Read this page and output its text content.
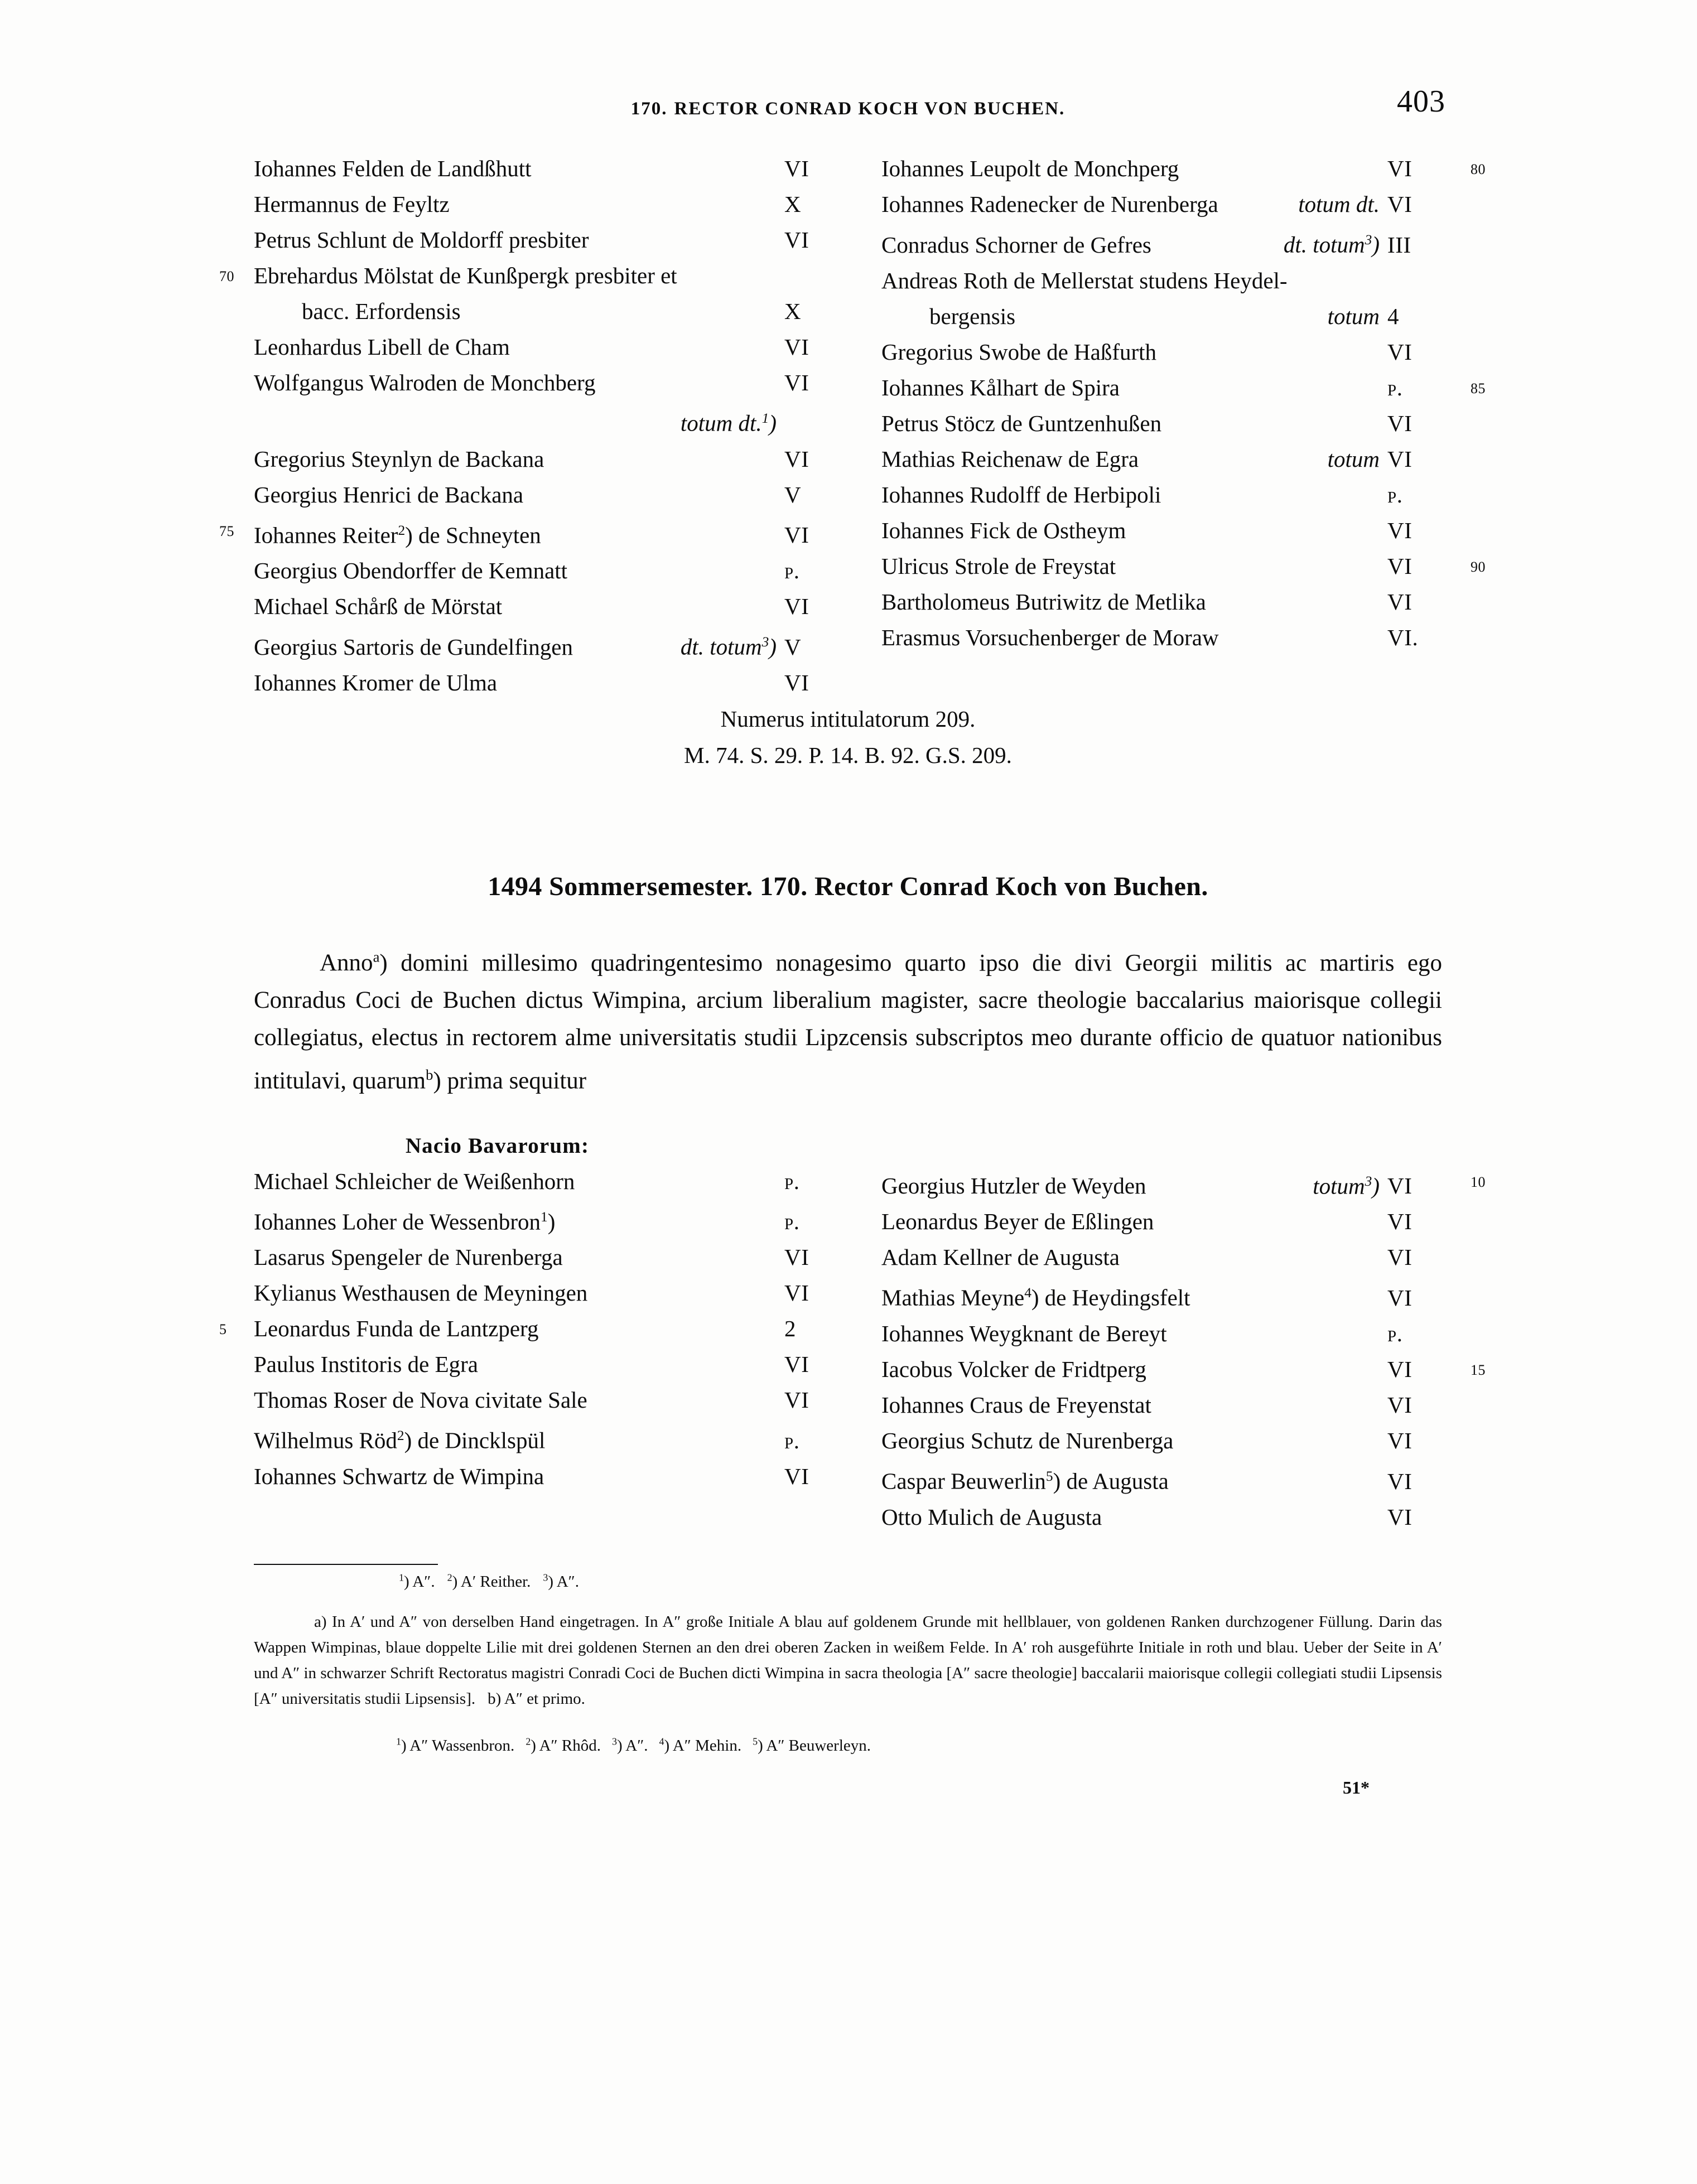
170. RECTOR CONRAD KOCH VON BUCHEN.	403
Iohannes Felden de Landßhutt	VI
Hermannus de Feyltz	X
Petrus Schlunt de Moldorff presbiter	VI
70 Ebrehardus Mölstat de Kunßpergk presbiter et
bacc. Erfordensis	X
Leonhardus Libell de Cham	VI
Wolfgangus Walroden de Monchberg	VI
totum dt.$^1$)
Gregorius Steynlyn de Backana	VI
Georgius Henrici de Backana	V
75 Iohannes Reiter$^2$) de Schneyten	VI
Georgius Obendorffer de Kemnatt	p.
Michael Schårß de Mörstat	VI
Georgius Sartoris de Gundelfingen	dt. totum$^3$) V
Iohannes Kromer de Ulma	VI
80
Iohannes Leupolt de Monchperg	VI
Iohannes Radenecker de Nurenberga	totum dt. VI
Conradus Schorner de Gefres	dt. totum$^3$) III
Andreas Roth de Mellerstat studens Heydel-
bergensis	totum 4
Gregorius Swobe de Haßfurth	VI
85
Iohannes Kålhart de Spira	p.
Petrus Stöcz de Guntzenhußen	VI
Mathias Reichenaw de Egra	totum VI
Iohannes Rudolff de Herbipoli	p.
Iohannes Fick de Ostheym	VI
90
Ulricus Strole de Freystat	VI
Bartholomeus Butriwitz de Metlika	VI
Erasmus Vorsuchenberger de Moraw	VI.
Numerus intitulatorum 209.
M. 74. S. 29. P. 14. B. 92. G.S. 209.
1494 Sommersemester. 170. Rector Conrad Koch von Buchen.
Anno$^a$) domini millesimo quadringentesimo nonagesimo quarto ipso die divi Georgii militis ac martiris ego Conradus Coci de Buchen dictus Wimpina, arcium liberalium magister, sacre theologie baccalarius maiorisque collegii collegiatus, electus in rectorem alme universitatis studii Lipzcensis subscriptos meo durante officio de quatuor nationibus intitulavi, quarum$^b$) prima sequitur
Nacio Bavarorum:
Michael Schleicher de Weißenhorn	p.
Iohannes Loher de Wessenbron$^1$)	p.
Lasarus Spengeler de Nurenberga	VI
Kylianus Westhausen de Meyningen	VI
5 Leonardus Funda de Lantzperg	2
Paulus Institoris de Egra	VI
Thomas Roser de Nova civitate Sale	VI
Wilhelmus Röd$^2$) de Dincklspül	p.
Iohannes Schwartz de Wimpina	VI
10
Georgius Hutzler de Weyden	totum$^3$) VI
Leonardus Beyer de Eßlingen	VI
Adam Kellner de Augusta	VI
Mathias Meyne$^4$) de Heydingsfelt	VI
Iohannes Weygknant de Bereyt	p.
15
Iacobus Volcker de Fridtperg	VI
Iohannes Craus de Freyenstat	VI
Georgius Schutz de Nurenberga	VI
Caspar Beuwerlin$^5$) de Augusta	VI
Otto Mulich de Augusta	VI
$^1$) A″. $^2$) A′ Reither. $^3$) A″.
a) In A′ und A″ von derselben Hand eingetragen. In A″ große Initiale A blau auf goldenem Grunde mit hellblauer, von goldenen Ranken durchzogener Füllung. Darin das Wappen Wimpinas, blaue doppelte Lilie mit drei goldenen Sternen an den drei oberen Zacken in weißem Felde. In A′ roh ausgeführte Initiale in roth und blau. Ueber der Seite in A′ und A″ in schwarzer Schrift Rectoratus magistri Conradi Coci de Buchen dicti Wimpina in sacra theologia [A″ sacre theologie] baccalarii maiorisque collegii collegiati studii Lipsensis [A″ universitatis studii Lipsensis]. b) A″ et primo.
$^1$) A″ Wassenbron. $^2$) A″ Rhôd. $^3$) A″. $^4$) A″ Mehin. $^5$) A″ Beuwerleyn.
51*
